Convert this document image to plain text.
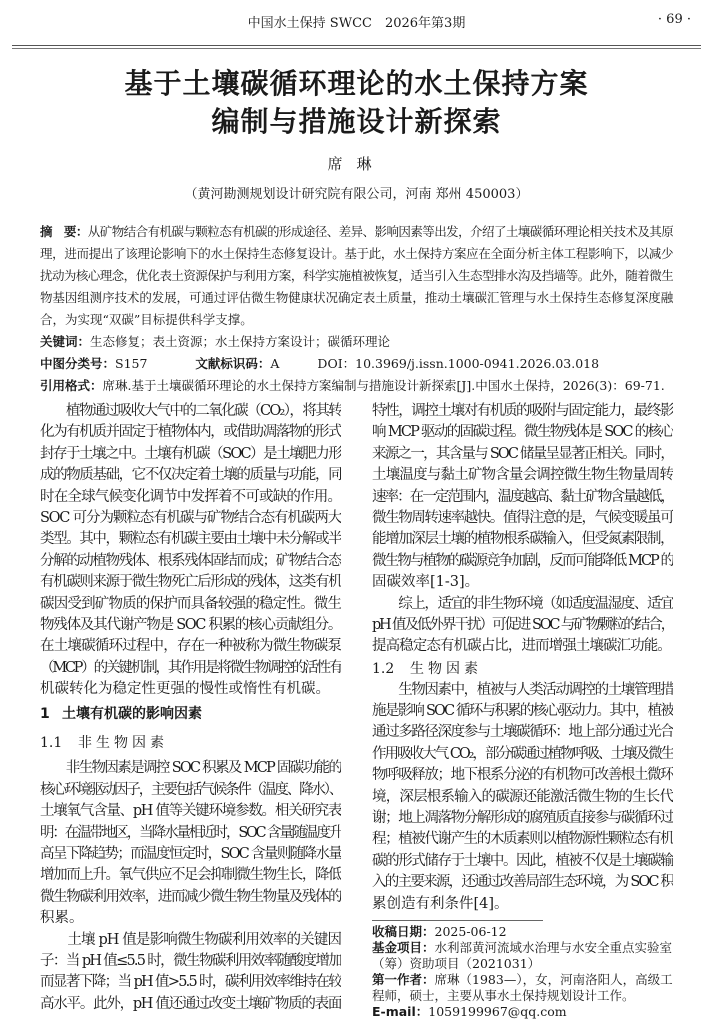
中国水土保持 SWCC　2026年第3期	· 69 ·
基于土壤碳循环理论的水土保持方案
编制与措施设计新探索
席琳
（黄河勘测规划设计研究院有限公司，河南 郑州 450003）
摘　要：从矿物结合有机碳与颗粒态有机碳的形成途径、差异、影响因素等出发，介绍了土壤碳循环理论相关技术及其原
理，进而提出了该理论影响下的水土保持生态修复设计。基于此，水土保持方案应在全面分析主体工程影响下，以减少
扰动为核心理念，优化表土资源保护与利用方案，科学实施植被恢复，适当引入生态型排水沟及挡墙等。此外，随着微生
物基因组测序技术的发展，可通过评估微生物健康状况确定表土质量，推动土壤碳汇管理与水土保持生态修复深度融
合，为实现“双碳”目标提供科学支撑。
关键词：生态修复；表土资源；水土保持方案设计；碳循环理论
中图分类号：S157	文献标识码：A	DOI：10.3969/j.issn.1000-0941.2026.03.018
引用格式：席琳.基于土壤碳循环理论的水土保持方案编制与措施设计新探索[J].中国水土保持，2026(3)：69-71.
　　植物通过吸收大气中的二氧化碳（CO₂），将其转
化为有机质并固定于植物体内，或借助凋落物的形式
封存于土壤之中。土壤有机碳（SOC）是土壤肥力形
成的物质基础，它不仅决定着土壤的质量与功能，同
时在全球气候变化调节中发挥着不可或缺的作用。
SOC 可分为颗粒态有机碳与矿物结合态有机碳两大
类型。其中，颗粒态有机碳主要由土壤中未分解或半
分解的动植物残体、根系残体固结而成；矿物结合态
有机碳则来源于微生物死亡后形成的残体，这类有机
碳因受到矿物质的保护而具备较强的稳定性。微生
物残体及其代谢产物是 SOC 积累的核心贡献组分。
在土壤碳循环过程中，存在一种被称为微生物碳泵
（MCP）的关键机制，其作用是将微生物调控的活性有
机碳转化为稳定性更强的慢性或惰性有机碳。
1 土壤有机碳的影响因素
1.1 非生物因素
　　非生物因素是调控 SOC 积累及 MCP 固碳功能的
核心环境驱动因子，主要包括气候条件（温度、降水）、
土壤氧气含量、pH 值等关键环境参数。相关研究表
明：在温带地区，当降水量相近时，SOC 含量随温度升
高呈下降趋势；而温度恒定时，SOC 含量则随降水量
增加而上升。氧气供应不足会抑制微生物生长，降低
微生物碳利用效率，进而减少微生物生物量及残体的
积累。
　　土壤 pH 值是影响微生物碳利用效率的关键因
子：当 pH 值≤5.5 时，微生物碳利用效率随酸度增加
而显著下降；当 pH 值>5.5 时，碳利用效率维持在较
高水平。此外，pH 值还通过改变土壤矿物质的表面
特性，调控土壤对有机质的吸附与固定能力，最终影
响 MCP 驱动的固碳过程。微生物残体是 SOC 的核心
来源之一，其含量与 SOC 储量呈显著正相关。同时，
土壤温度与黏土矿物含量会调控微生物生物量周转
速率：在一定范围内，温度越高、黏土矿物含量越低，
微生物周转速率越快。值得注意的是，气候变暖虽可
能增加深层土壤的植物根系碳输入，但受氮素限制，
微生物与植物的碳源竞争加剧，反而可能降低 MCP 的
固碳效率[1-3]。
　　综上，适宜的非生物环境（如适度温湿度、适宜
pH 值及低外界干扰）可促进 SOC 与矿物颗粒的结合，
提高稳定态有机碳占比，进而增强土壤碳汇功能。
1.2 生物因素
　　生物因素中，植被与人类活动调控的土壤管理措
施是影响 SOC 循环与积累的核心驱动力。其中，植被
通过多路径深度参与土壤碳循环：地上部分通过光合
作用吸收大气 CO₂，部分碳通过植物呼吸、土壤及微生
物呼吸释放；地下根系分泌的有机物可改善根土微环
境，深层根系输入的碳源还能激活微生物的生长代
谢；地上凋落物分解形成的腐殖质直接参与碳循环过
程；植被代谢产生的木质素则以植物源性颗粒态有机
碳的形式储存于土壤中。因此，植被不仅是土壤碳输
入的主要来源，还通过改善局部生态环境，为 SOC 积
累创造有利条件[4]。
收稿日期：2025-06-12
基金项目：水利部黄河流域水治理与水安全重点实验室（筹）资助项目（2021031）
第一作者：席琳（1983—），女，河南洛阳人，高级工程师，硕士，主要从事水土保持规划设计工作。
E-mail：1059199967@qq.com
